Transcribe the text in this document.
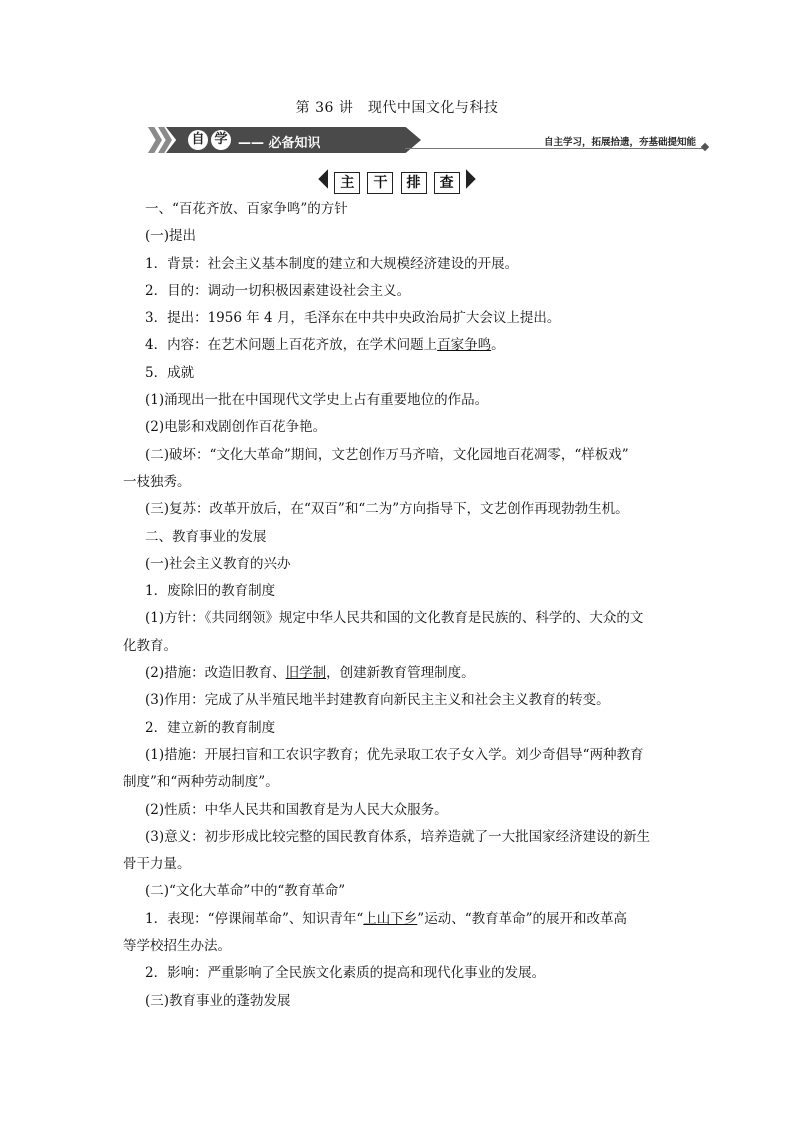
第 36 讲　现代中国文化与科技
自 学 —— 必备知识	自主学习，拓展拾遗，夯基础提知能
主 干 排 查
一、“百花齐放、百家争鸣”的方针
(一)提出
1．背景：社会主义基本制度的建立和大规模经济建设的开展。
2．目的：调动一切积极因素建设社会主义。
3．提出：1956 年 4 月，毛泽东在中共中央政治局扩大会议上提出。
4．内容：在艺术问题上百花齐放，在学术问题上百家争鸣。
5．成就
(1)涌现出一批在中国现代文学史上占有重要地位的作品。
(2)电影和戏剧创作百花争艳。
(二)破坏：“文化大革命”期间，文艺创作万马齐喑，文化园地百花凋零，“样板戏”
一枝独秀。
(三)复苏：改革开放后，在“双百”和“二为”方向指导下，文艺创作再现勃勃生机。
二、教育事业的发展
(一)社会主义教育的兴办
1．废除旧的教育制度
(1)方针：《共同纲领》规定中华人民共和国的文化教育是民族的、科学的、大众的文
化教育。
(2)措施：改造旧教育、旧学制，创建新教育管理制度。
(3)作用：完成了从半殖民地半封建教育向新民主主义和社会主义教育的转变。
2．建立新的教育制度
(1)措施：开展扫盲和工农识字教育；优先录取工农子女入学。刘少奇倡导“两种教育
制度”和“两种劳动制度”。
(2)性质：中华人民共和国教育是为人民大众服务。
(3)意义：初步形成比较完整的国民教育体系，培养造就了一大批国家经济建设的新生
骨干力量。
(二)“文化大革命”中的“教育革命”
1．表现：“停课闹革命”、知识青年“上山下乡”运动、“教育革命”的展开和改革高
等学校招生办法。
2．影响：严重影响了全民族文化素质的提高和现代化事业的发展。
(三)教育事业的蓬勃发展
